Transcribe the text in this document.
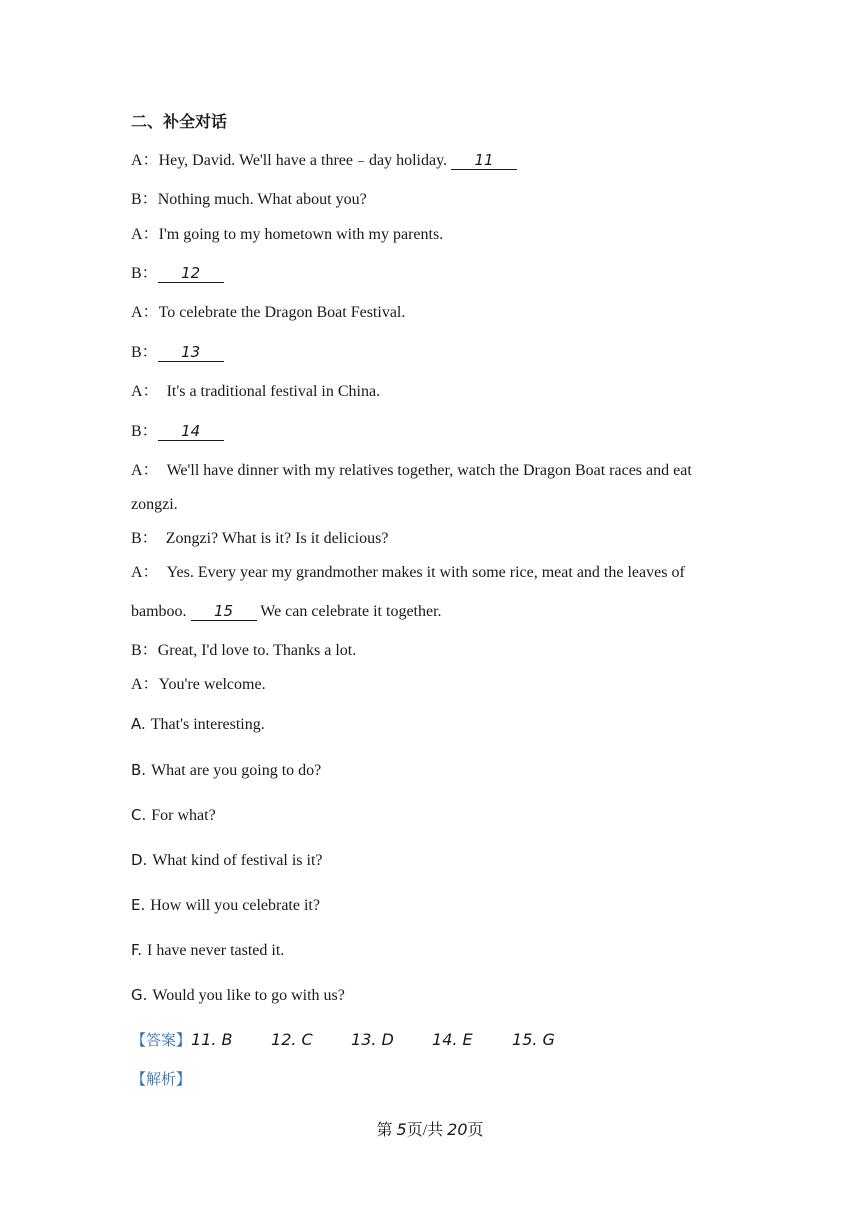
二、补全对话
A：Hey, David. We'll have a three﹣day holiday. 11
B：Nothing much. What about you?
A：I'm going to my hometown with my parents.
B： 12
A：To celebrate the Dragon Boat Festival.
B： 13
A： It's a traditional festival in China.
B： 14
A： We'll have dinner with my relatives together, watch the Dragon Boat races and eat
zongzi.
B： Zongzi? What is it? Is it delicious?
A： Yes. Every year my grandmother makes it with some rice, meat and the leaves of
bamboo. 15 We can celebrate it together.
B：Great, I'd love to. Thanks a lot.
A：You're welcome.
A. That's interesting.
B. What are you going to do?
C. For what?
D. What kind of festival is it?
E. How will you celebrate it?
F. I have never tasted it.
G. Would you like to go with us?
【答案】11. B 12. C 13. D 14. E 15. G
【解析】
第 5页/共 20页
